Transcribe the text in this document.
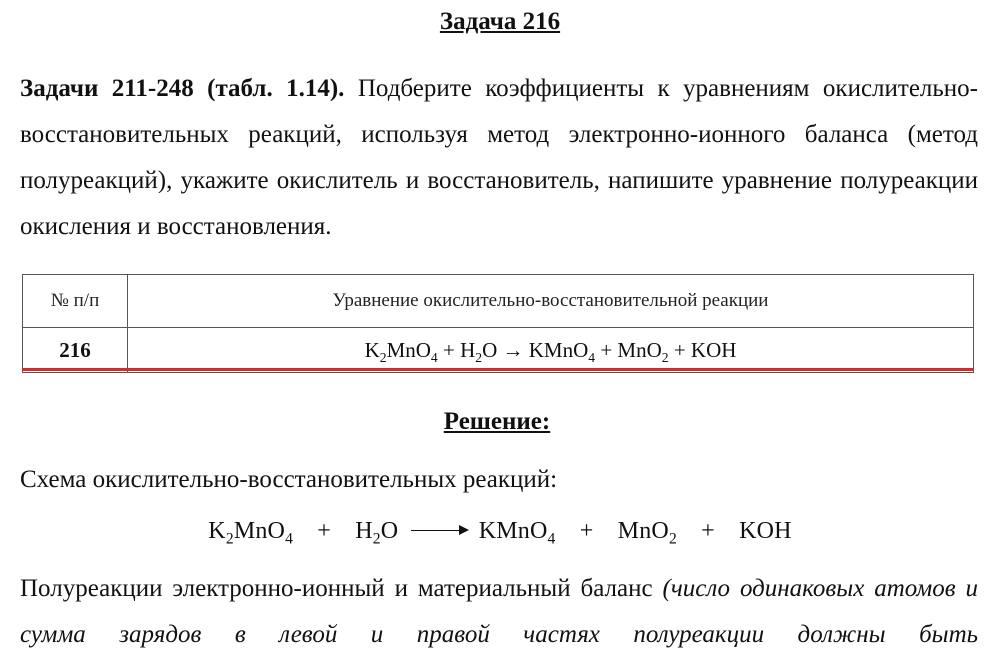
Задача 216
Задачи 211-248 (табл. 1.14). Подберите коэффициенты к уравнениям окислительно-восстановительных реакций, используя метод электронно-ионного баланса (метод полуреакций), укажите окислитель и восстановитель, напишите уравнение полуреакции окисления и восстановления.
№ п/п	Уравнение окислительно-восстановительной реакции
216	$K_2MnO_4 + H_2O$ → KMnO$_4$ + MnO$_2$ + KOH
Решение:
Схема окислительно-восстановительных реакций:
$K_2MnO_4 + H_2O$ → KMnO$_4$ + MnO$_2$ + KOH
Полуреакции электронно-ионный и материальный баланс (число одинаковых атомов и сумма зарядов в левой и правой частях полуреакции должны быть
